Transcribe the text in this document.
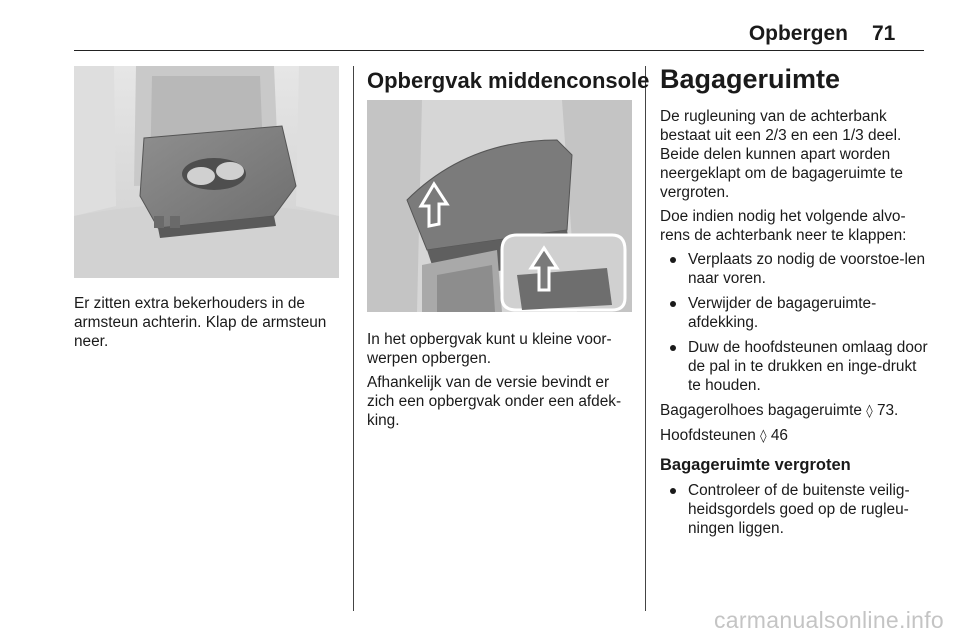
Opbergen 71

Er zitten extra bekerhouders in de armsteun achterin. Klap de armsteun neer.

Opbergvak middenconsole

In het opbergvak kunt u kleine voor-werpen opbergen.

Afhankelijk van de versie bevindt er zich een opbergvak onder een afdek-king.

Bagageruimte

De rugleuning van de achterbank bestaat uit een 2/3 en een 1/3 deel. Beide delen kunnen apart worden neergeklapt om de bagageruimte te vergroten.

Doe indien nodig het volgende alvo-rens de achterbank neer te klappen:

Verplaats zo nodig de voorstoe-len naar voren.
Verwijder de bagageruimte-afdekking.
Duw de hoofdsteunen omlaag door de pal in te drukken en inge-drukt te houden.

Bagagerolhoes bagageruimte ◊ 73.

Hoofdsteunen ◊ 46

Bagageruimte vergroten
Controleer of de buitenste veilig-heidsgordels goed op de rugleu-ningen liggen.
carmanualsonline.info
